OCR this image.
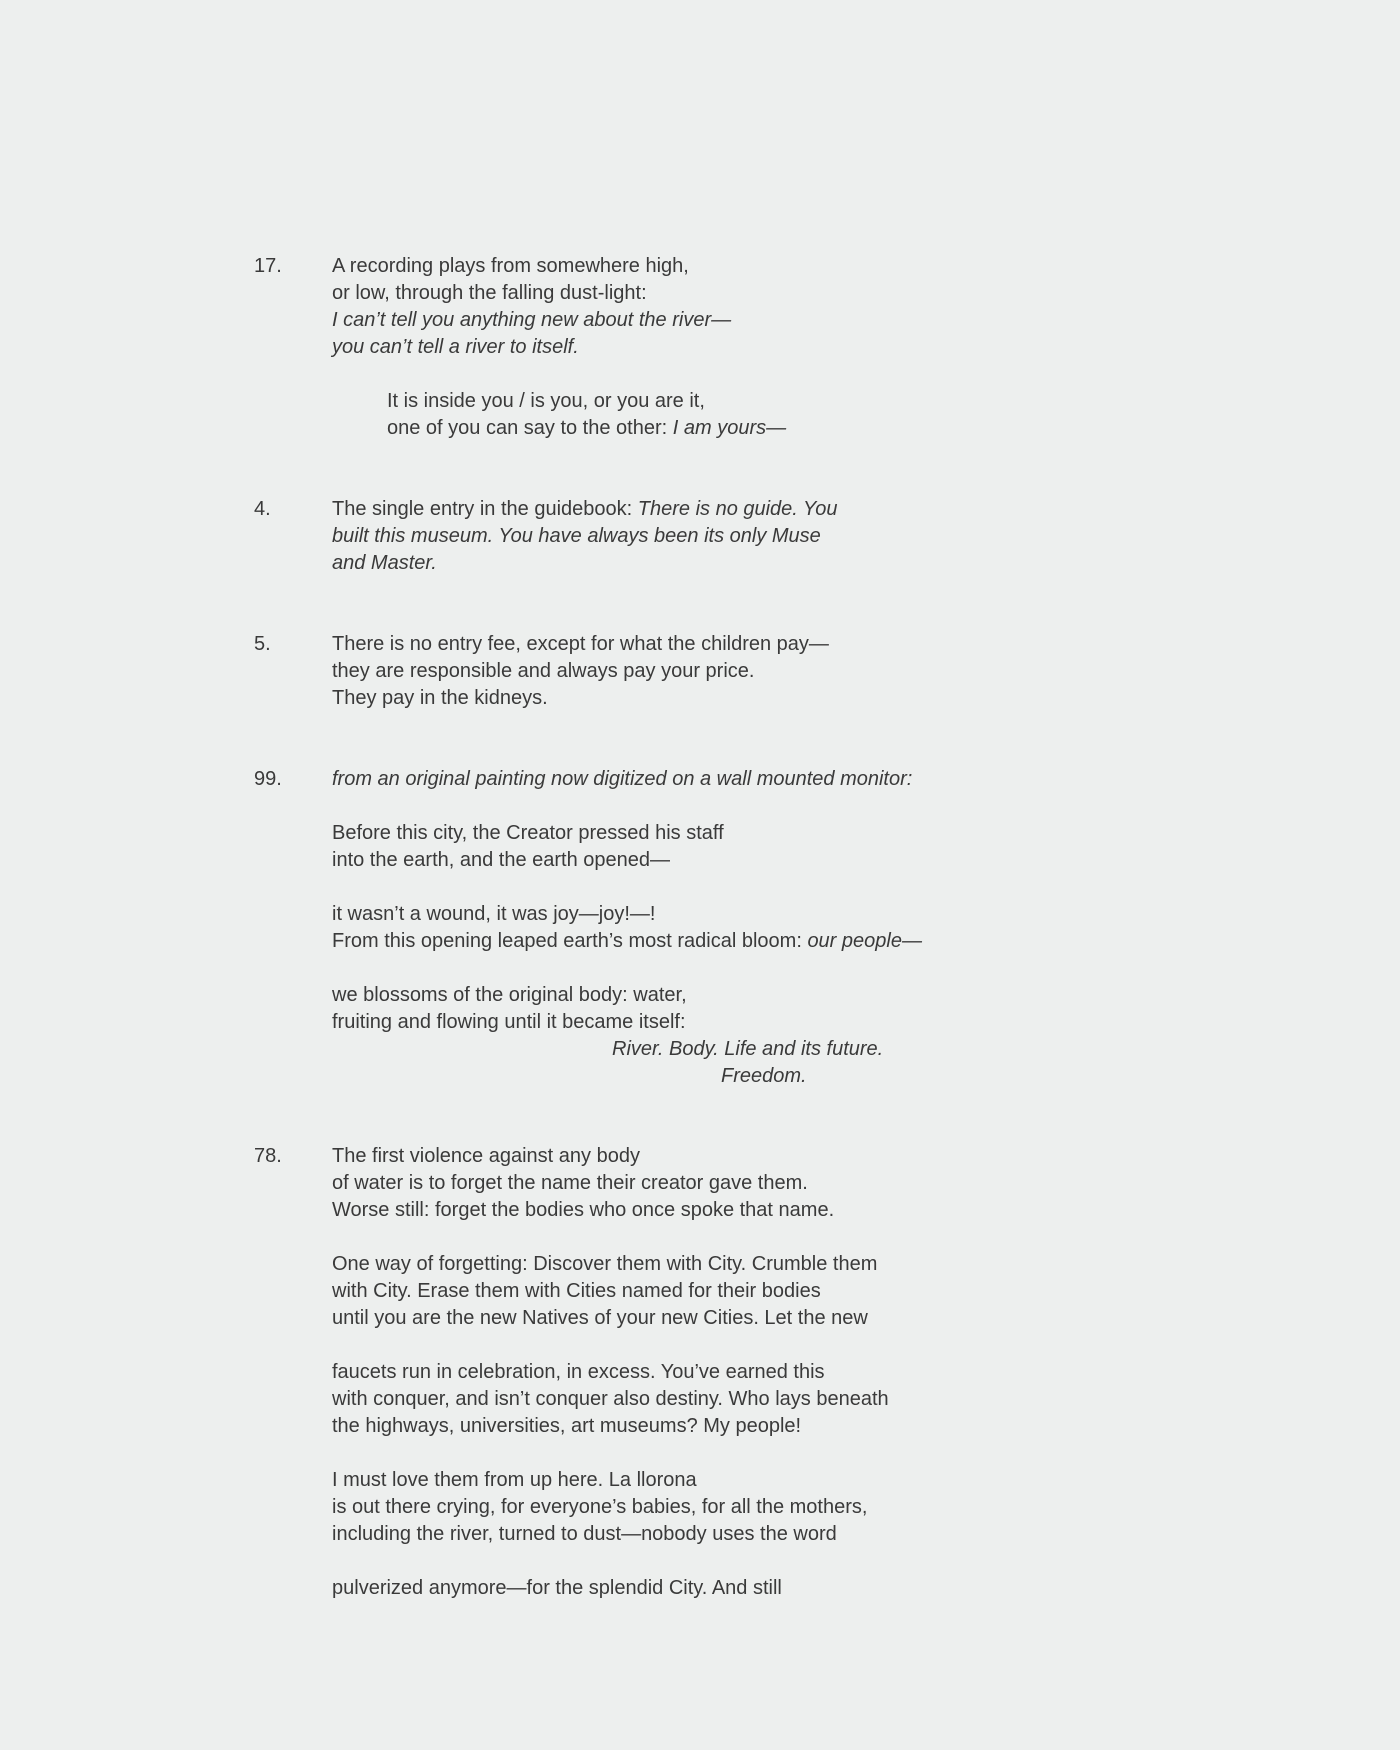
17.	A recording plays from somewhere high,
or low, through the falling dust-light:
I can’t tell you anything new about the river—
you can’t tell a river to itself.
It is inside you / is you, or you are it,
one of you can say to the other: I am yours—
4.	The single entry in the guidebook: There is no guide. You
built this museum. You have always been its only Muse
and Master.
5.	There is no entry fee, except for what the children pay—
they are responsible and always pay your price.
They pay in the kidneys.
99.	from an original painting now digitized on a wall mounted monitor:
Before this city, the Creator pressed his staff
into the earth, and the earth opened—
it wasn’t a wound, it was joy—joy!—!
From this opening leaped earth’s most radical bloom: our people—
we blossoms of the original body: water,
fruiting and flowing until it became itself:
River. Body. Life and its future.
Freedom.
78.	The first violence against any body
of water is to forget the name their creator gave them.
Worse still: forget the bodies who once spoke that name.
One way of forgetting: Discover them with City. Crumble them
with City. Erase them with Cities named for their bodies
until you are the new Natives of your new Cities. Let the new
faucets run in celebration, in excess. You’ve earned this
with conquer, and isn’t conquer also destiny. Who lays beneath
the highways, universities, art museums? My people!
I must love them from up here. La llorona
is out there crying, for everyone’s babies, for all the mothers,
including the river, turned to dust—nobody uses the word
pulverized anymore—for the splendid City. And still
